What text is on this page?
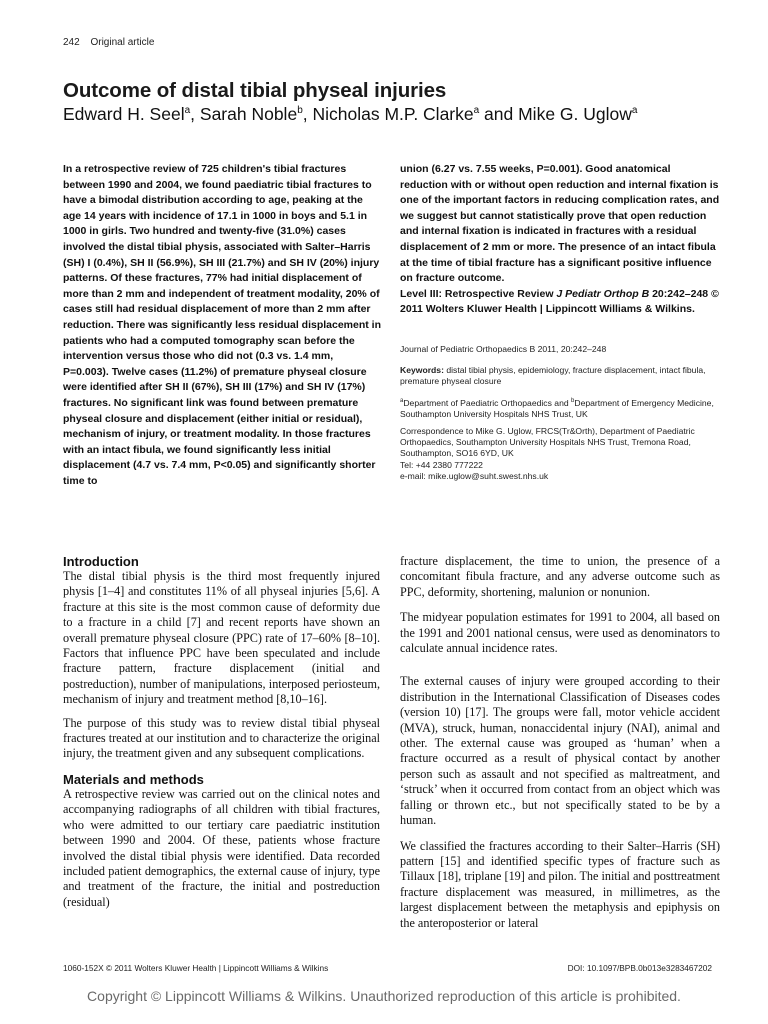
242 Original article
Outcome of distal tibial physeal injuries
Edward H. Seel$^a$, Sarah Noble$^b$, Nicholas M.P. Clarke$^a$ and Mike G. Uglow$^a$

In a retrospective review of 725 children's tibial fractures between 1990 and 2004, we found paediatric tibial fractures to have a bimodal distribution according to age, peaking at the age 14 years with incidence of 17.1 in 1000 in boys and 5.1 in 1000 in girls. Two hundred and twenty-five (31.0%) cases involved the distal tibial physis, associated with Salter–Harris (SH) I (0.4%), SH II (56.9%), SH III (21.7%) and SH IV (20%) injury patterns. Of these fractures, 77% had initial displacement of more than 2 mm and independent of treatment modality, 20% of cases still had residual displacement of more than 2 mm after reduction. There was significantly less residual displacement in patients who had a computed tomography scan before the intervention versus those who did not (0.3 vs. 1.4 mm, P=0.003). Twelve cases (11.2%) of premature physeal closure were identified after SH II (67%), SH III (17%) and SH IV (17%) fractures. No significant link was found between premature physeal closure and displacement (either initial or residual), mechanism of injury, or treatment modality. In those fractures with an intact fibula, we found significantly less initial displacement (4.7 vs. 7.4 mm, P<0.05) and significantly shorter time to

union (6.27 vs. 7.55 weeks, P=0.001). Good anatomical reduction with or without open reduction and internal fixation is one of the important factors in reducing complication rates, and we suggest but cannot statistically prove that open reduction and internal fixation is indicated in fractures with a residual displacement of 2 mm or more. The presence of an intact fibula at the time of tibial fracture has a significant positive influence on fracture outcome.

Level III: Retrospective Review J Pediatr Orthop B 20:242–248 © 2011 Wolters Kluwer Health | Lippincott Williams & Wilkins.

Journal of Pediatric Orthopaedics B 2011, 20:242–248

Keywords: distal tibial physis, epidemiology, fracture displacement, intact fibula, premature physeal closure

$^a$Department of Paediatric Orthopaedics and $^b$Department of Emergency Medicine, Southampton University Hospitals NHS Trust, UK

Correspondence to Mike G. Uglow, FRCS(Tr&Orth), Department of Paediatric Orthopaedics, Southampton University Hospitals NHS Trust, Tremona Road, Southampton, SO16 6YD, UK

Tel: +44 2380 777222

e-mail: mike.uglow@suht.swest.nhs.uk

Introduction

The distal tibial physis is the third most frequently injured physis [1–4] and constitutes 11% of all physeal injuries [5,6]. A fracture at this site is the most common cause of deformity due to a fracture in a child [7] and recent reports have shown an overall premature physeal closure (PPC) rate of 17–60% [8–10]. Factors that influence PPC have been speculated and include fracture pattern, fracture displacement (initial and postreduction), number of manipulations, interposed periosteum, mechanism of injury and treatment method [8,10–16].

The purpose of this study was to review distal tibial physeal fractures treated at our institution and to characterize the original injury, the treatment given and any subsequent complications.

Materials and methods

A retrospective review was carried out on the clinical notes and accompanying radiographs of all children with tibial fractures, who were admitted to our tertiary care paediatric institution between 1990 and 2004. Of these, patients whose fracture involved the distal tibial physis were identified. Data recorded included patient demographics, the external cause of injury, type and treatment of the fracture, the initial and postreduction (residual)

fracture displacement, the time to union, the presence of a concomitant fibula fracture, and any adverse outcome such as PPC, deformity, shortening, malunion or nonunion.

The midyear population estimates for 1991 to 2004, all based on the 1991 and 2001 national census, were used as denominators to calculate annual incidence rates.

The external causes of injury were grouped according to their distribution in the International Classification of Diseases codes (version 10) [17]. The groups were fall, motor vehicle accident (MVA), struck, human, nonaccidental injury (NAI), animal and other. The external cause was grouped as ‘human’ when a fracture occurred as a result of physical contact by another person such as assault and not specified as maltreatment, and ‘struck’ when it occurred from contact from an object which was falling or thrown etc., but not specifically stated to be by a human.

We classified the fractures according to their Salter–Harris (SH) pattern [15] and identified specific types of fracture such as Tillaux [18], triplane [19] and pilon. The initial and posttreatment fracture displacement was measured, in millimetres, as the largest displacement between the metaphysis and epiphysis on the anteroposterior or lateral

1060-152X © 2011 Wolters Kluwer Health | Lippincott Williams & Wilkins	DOI: 10.1097/BPB.0b013e3283467202
Copyright © Lippincott Williams & Wilkins. Unauthorized reproduction of this article is prohibited.
